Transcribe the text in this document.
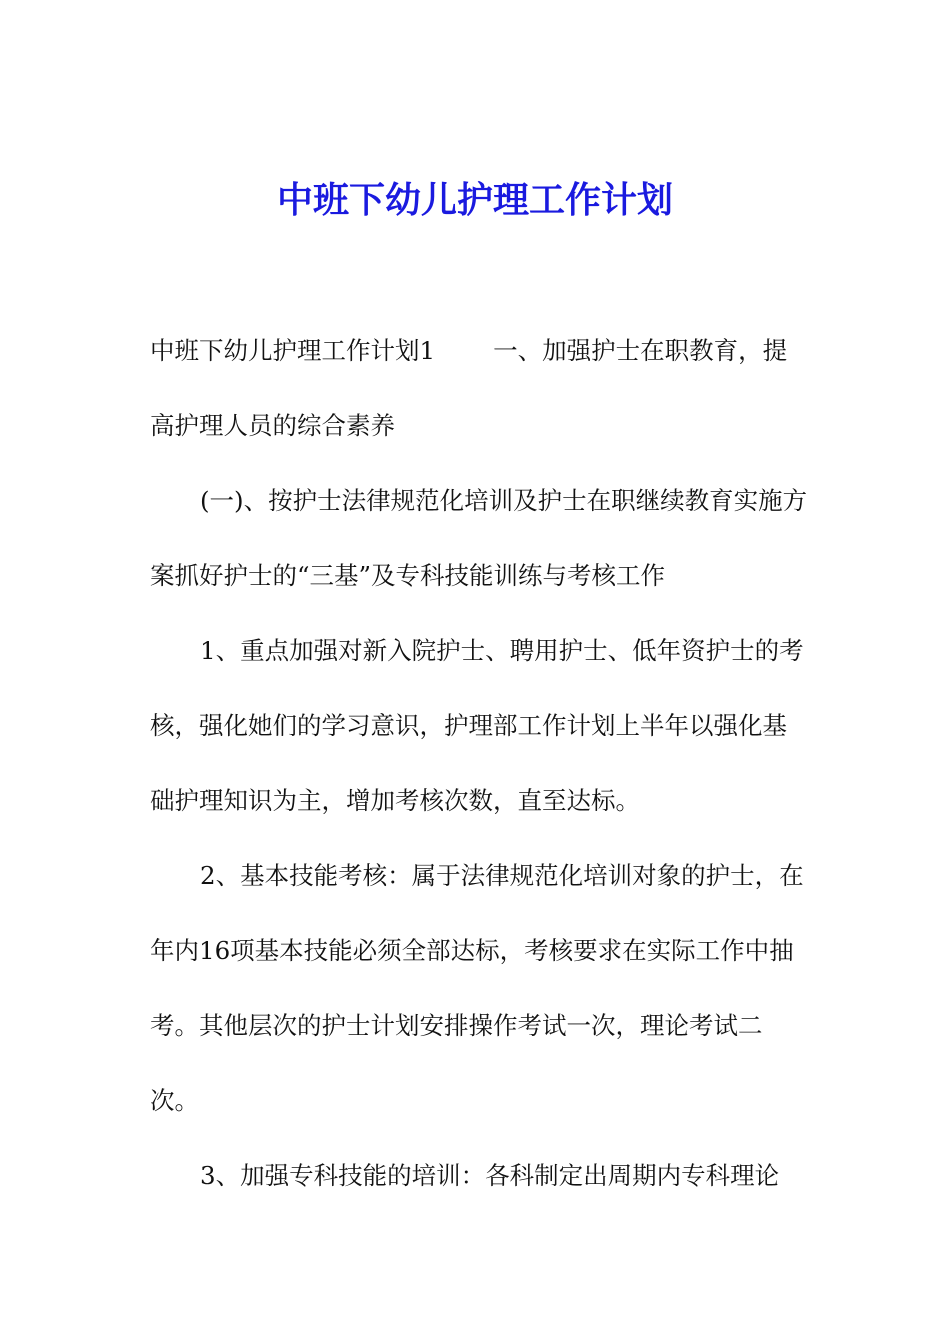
中班下幼儿护理工作计划

中班下幼儿护理工作计划1 一、加强护士在职教育，提高护理人员的综合素养

(一)、按护士法律规范化培训及护士在职继续教育实施方案抓好护士的“三基”及专科技能训练与考核工作

1、重点加强对新入院护士、聘用护士、低年资护士的考核，强化她们的学习意识，护理部工作计划上半年以强化基础护理知识为主，增加考核次数，直至达标。

2、基本技能考核：属于法律规范化培训对象的护士，在年内16项基本技能必须全部达标，考核要求在实际工作中抽考。其他层次的护士计划安排操作考试一次，理论考试二次。

3、加强专科技能的培训：各科制定出周期内专科理论
